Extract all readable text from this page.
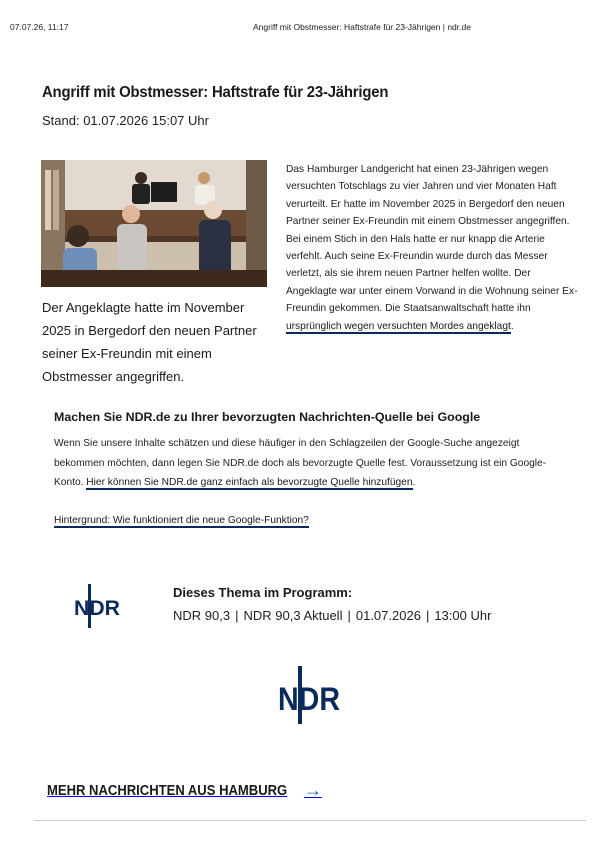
07.07.26, 11:17	Angriff mit Obstmesser: Haftstrafe für 23-Jährigen | ndr.de
Angriff mit Obstmesser: Haftstrafe für 23-Jährigen
Stand: 01.07.2026 15:07 Uhr

Der Angeklagte hatte im November 2025 in Bergedorf den neuen Partner seiner Ex-Freundin mit einem Obstmesser angegriffen.

Das Hamburger Landgericht hat einen 23-Jährigen wegen versuchten Totschlags zu vier Jahren und vier Monaten Haft verurteilt. Er hatte im November 2025 in Bergedorf den neuen Partner seiner Ex-Freundin mit einem Obstmesser angegriffen. Bei einem Stich in den Hals hatte er nur knapp die Arterie verfehlt. Auch seine Ex-Freundin wurde durch das Messer verletzt, als sie ihrem neuen Partner helfen wollte. Der Angeklagte war unter einem Vorwand in die Wohnung seiner Ex-Freundin gekommen. Die Staatsanwaltschaft hatte ihn ursprünglich wegen versuchten Mordes angeklagt.

Machen Sie NDR.de zu Ihrer bevorzugten Nachrichten-Quelle bei Google

Wenn Sie unsere Inhalte schätzen und diese häufiger in den Schlagzeilen der Google-Suche angezeigt bekommen möchten, dann legen Sie NDR.de doch als bevorzugte Quelle fest. Voraussetzung ist ein Google-Konto. Hier können Sie NDR.de ganz einfach als bevorzugte Quelle hinzufügen.

Hintergrund: Wie funktioniert die neue Google-Funktion?
NDR
Dieses Thema im Programm:
NDR 90,3 | NDR 90,3 Aktuell | 01.07.2026 | 13:00 Uhr
NDR
MEHR NACHRICHTEN AUS HAMBURG →
